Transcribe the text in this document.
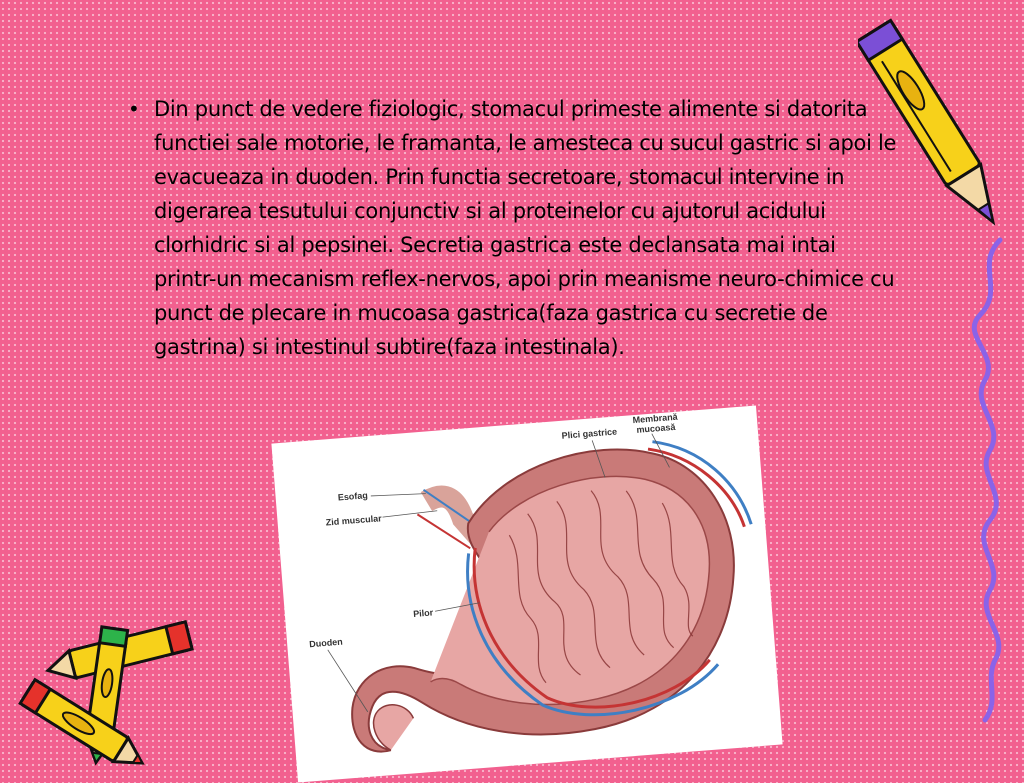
• Din punct de vedere fiziologic, stomacul primeste alimente si datorita functiei sale motorie, le framanta, le amesteca cu sucul gastric si apoi le evacueaza in duoden. Prin functia secretoare, stomacul intervine in digerarea tesutului conjunctiv si al proteinelor cu ajutorul acidului clorhidric si al pepsinei. Secretia gastrica este declansata mai intai printr-un mecanism reflex-nervos, apoi prin meanisme neuro-chimice cu punct de plecare in mucoasa gastrica(faza gastrica cu secretie de gastrina) si intestinul subtire(faza intestinala).

Plici gastrice
Membrană
mucoasă
Esofag
Zid muscular
Pilor
Duoden
